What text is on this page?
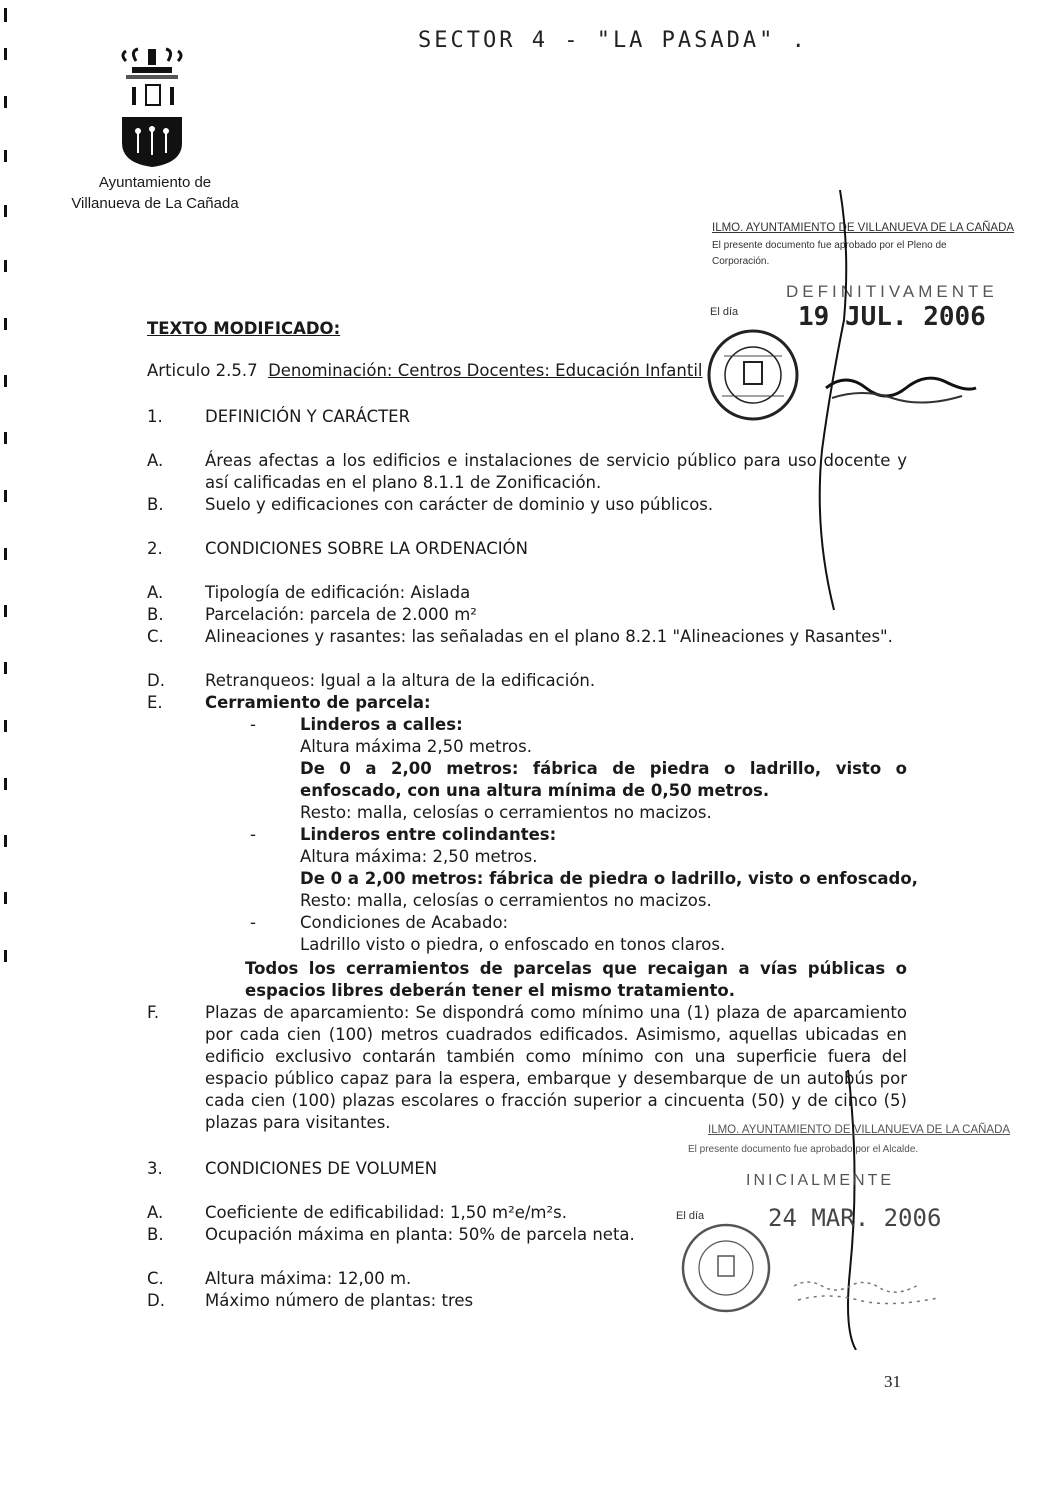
SECTOR 4 - "LA PASADA" .
Ayuntamiento de
Villanueva de La Cañada
ILMO. AYUNTAMIENTO DE VILLANUEVA DE LA CAÑADA
El presente documento fue aprobado por el Pleno de
Corporación.
DEFINITIVAMENTE
El día 19 JUL. 2006
TEXTO MODIFICADO:
Articulo 2.5.7 Denominación: Centros Docentes: Educación Infantil
1.	DEFINICIÓN Y CARÁCTER
A.	Áreas afectas a los edificios e instalaciones de servicio público para uso docente y así calificadas en el plano 8.1.1 de Zonificación.
B.	Suelo y edificaciones con carácter de dominio y uso públicos.
2.	CONDICIONES SOBRE LA ORDENACIÓN
A.	Tipología de edificación: Aislada
B.	Parcelación: parcela de 2.000 m²
C.	Alineaciones y rasantes: las señaladas en el plano 8.2.1 "Alineaciones y Rasantes".
D.	Retranqueos: Igual a la altura de la edificación.
E.	Cerramiento de parcela:
-	Linderos a calles:
Altura máxima 2,50 metros.
De 0 a 2,00 metros: fábrica de piedra o ladrillo, visto o enfoscado, con una altura mínima de 0,50 metros.
Resto: malla, celosías o cerramientos no macizos.
-	Linderos entre colindantes:
Altura máxima: 2,50 metros.
De 0 a 2,00 metros: fábrica de piedra o ladrillo, visto o enfoscado,
Resto: malla, celosías o cerramientos no macizos.
-	Condiciones de Acabado:
Ladrillo visto o piedra, o enfoscado en tonos claros.
Todos los cerramientos de parcelas que recaigan a vías públicas o espacios libres deberán tener el mismo tratamiento.
F.	Plazas de aparcamiento: Se dispondrá como mínimo una (1) plaza de aparcamiento por cada cien (100) metros cuadrados edificados. Asimismo, aquellas ubicadas en edificio exclusivo contarán también como mínimo con una superficie fuera del espacio público capaz para la espera, embarque y desembarque de un autobús por cada cien (100) plazas escolares o fracción superior a cincuenta (50) y de cinco (5) plazas para visitantes.	ILMO. AYUNTAMIENTO DE VILLANUEVA DE LA CAÑADA
El presente documento fue aprobado por el Alcalde.
INICIALMENTE
El día	24 MAR. 2006
3.	CONDICIONES DE VOLUMEN
A.	Coeficiente de edificabilidad: 1,50 m²e/m²s.
B.	Ocupación máxima en planta: 50% de parcela neta.
C.	Altura máxima: 12,00 m.
D.	Máximo número de plantas: tres
31
